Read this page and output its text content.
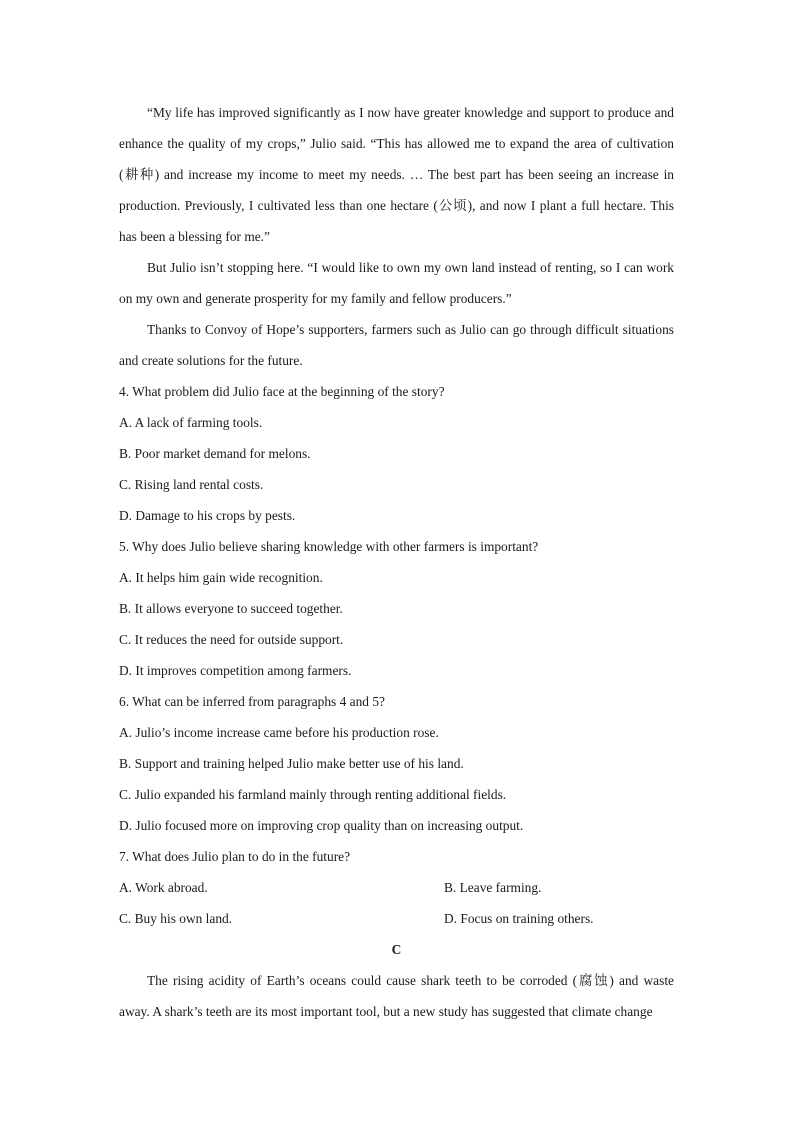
“My life has improved significantly as I now have greater knowledge and support to produce and enhance the quality of my crops,” Julio said. “This has allowed me to expand the area of cultivation (耕种) and increase my income to meet my needs. … The best part has been seeing an increase in production. Previously, I cultivated less than one hectare (公顷), and now I plant a full hectare. This has been a blessing for me.”

But Julio isn’t stopping here. “I would like to own my own land instead of renting, so I can work on my own and generate prosperity for my family and fellow producers.”

Thanks to Convoy of Hope’s supporters, farmers such as Julio can go through difficult situations and create solutions for the future.

4. What problem did Julio face at the beginning of the story?

A. A lack of farming tools.

B. Poor market demand for melons.

C. Rising land rental costs.

D. Damage to his crops by pests.

5. Why does Julio believe sharing knowledge with other farmers is important?

A. It helps him gain wide recognition.

B. It allows everyone to succeed together.

C. It reduces the need for outside support.

D. It improves competition among farmers.

6. What can be inferred from paragraphs 4 and 5?

A. Julio’s income increase came before his production rose.

B. Support and training helped Julio make better use of his land.

C. Julio expanded his farmland mainly through renting additional fields.

D. Julio focused more on improving crop quality than on increasing output.

7. What does Julio plan to do in the future?

A. Work abroad.	B. Leave farming.
C. Buy his own land.	D. Focus on training others.

C

The rising acidity of Earth’s oceans could cause shark teeth to be corroded (腐蚀) and waste away. A shark’s teeth are its most important tool, but a new study has suggested that climate change
